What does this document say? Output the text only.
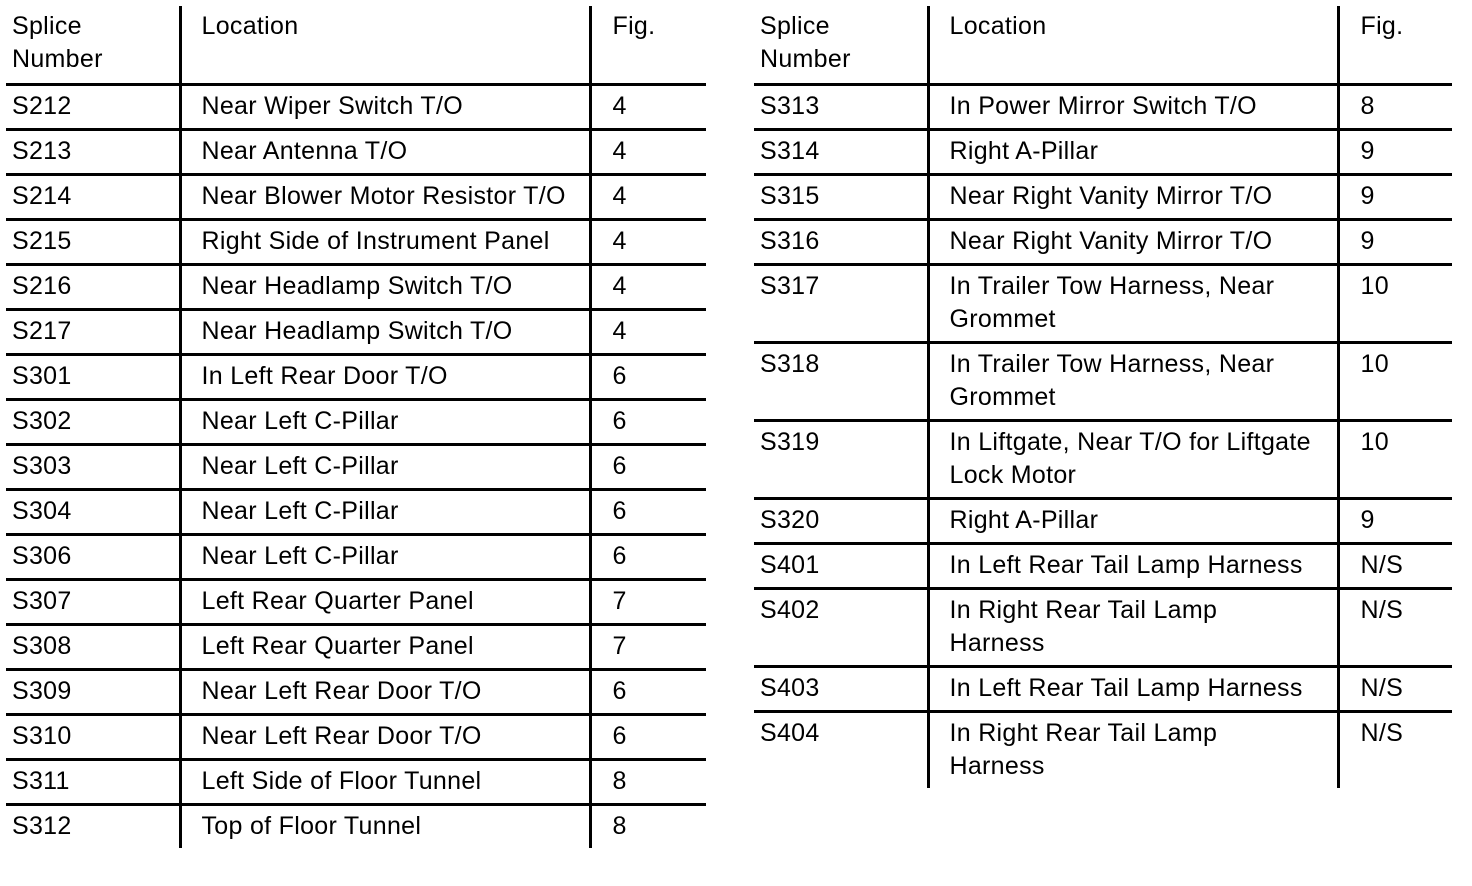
Splice Number	Location	Fig.
S212	Near Wiper Switch T/O	4
S213	Near Antenna T/O	4
S214	Near Blower Motor Resistor T/O	4
S215	Right Side of Instrument Panel	4
S216	Near Headlamp Switch T/O	4
S217	Near Headlamp Switch T/O	4
S301	In Left Rear Door T/O	6
S302	Near Left C-Pillar	6
S303	Near Left C-Pillar	6
S304	Near Left C-Pillar	6
S306	Near Left C-Pillar	6
S307	Left Rear Quarter Panel	7
S308	Left Rear Quarter Panel	7
S309	Near Left Rear Door T/O	6
S310	Near Left Rear Door T/O	6
S311	Left Side of Floor Tunnel	8
S312	Top of Floor Tunnel	8
Splice Number	Location	Fig.
S313	In Power Mirror Switch T/O	8
S314	Right A-Pillar	9
S315	Near Right Vanity Mirror T/O	9
S316	Near Right Vanity Mirror T/O	9
S317	In Trailer Tow Harness, Near Grommet	10
S318	In Trailer Tow Harness, Near Grommet	10
S319	In Liftgate, Near T/O for Liftgate Lock Motor	10
S320	Right A-Pillar	9
S401	In Left Rear Tail Lamp Harness	N/S
S402	In Right Rear Tail Lamp Harness	N/S
S403	In Left Rear Tail Lamp Harness	N/S
S404	In Right Rear Tail Lamp Harness	N/S
